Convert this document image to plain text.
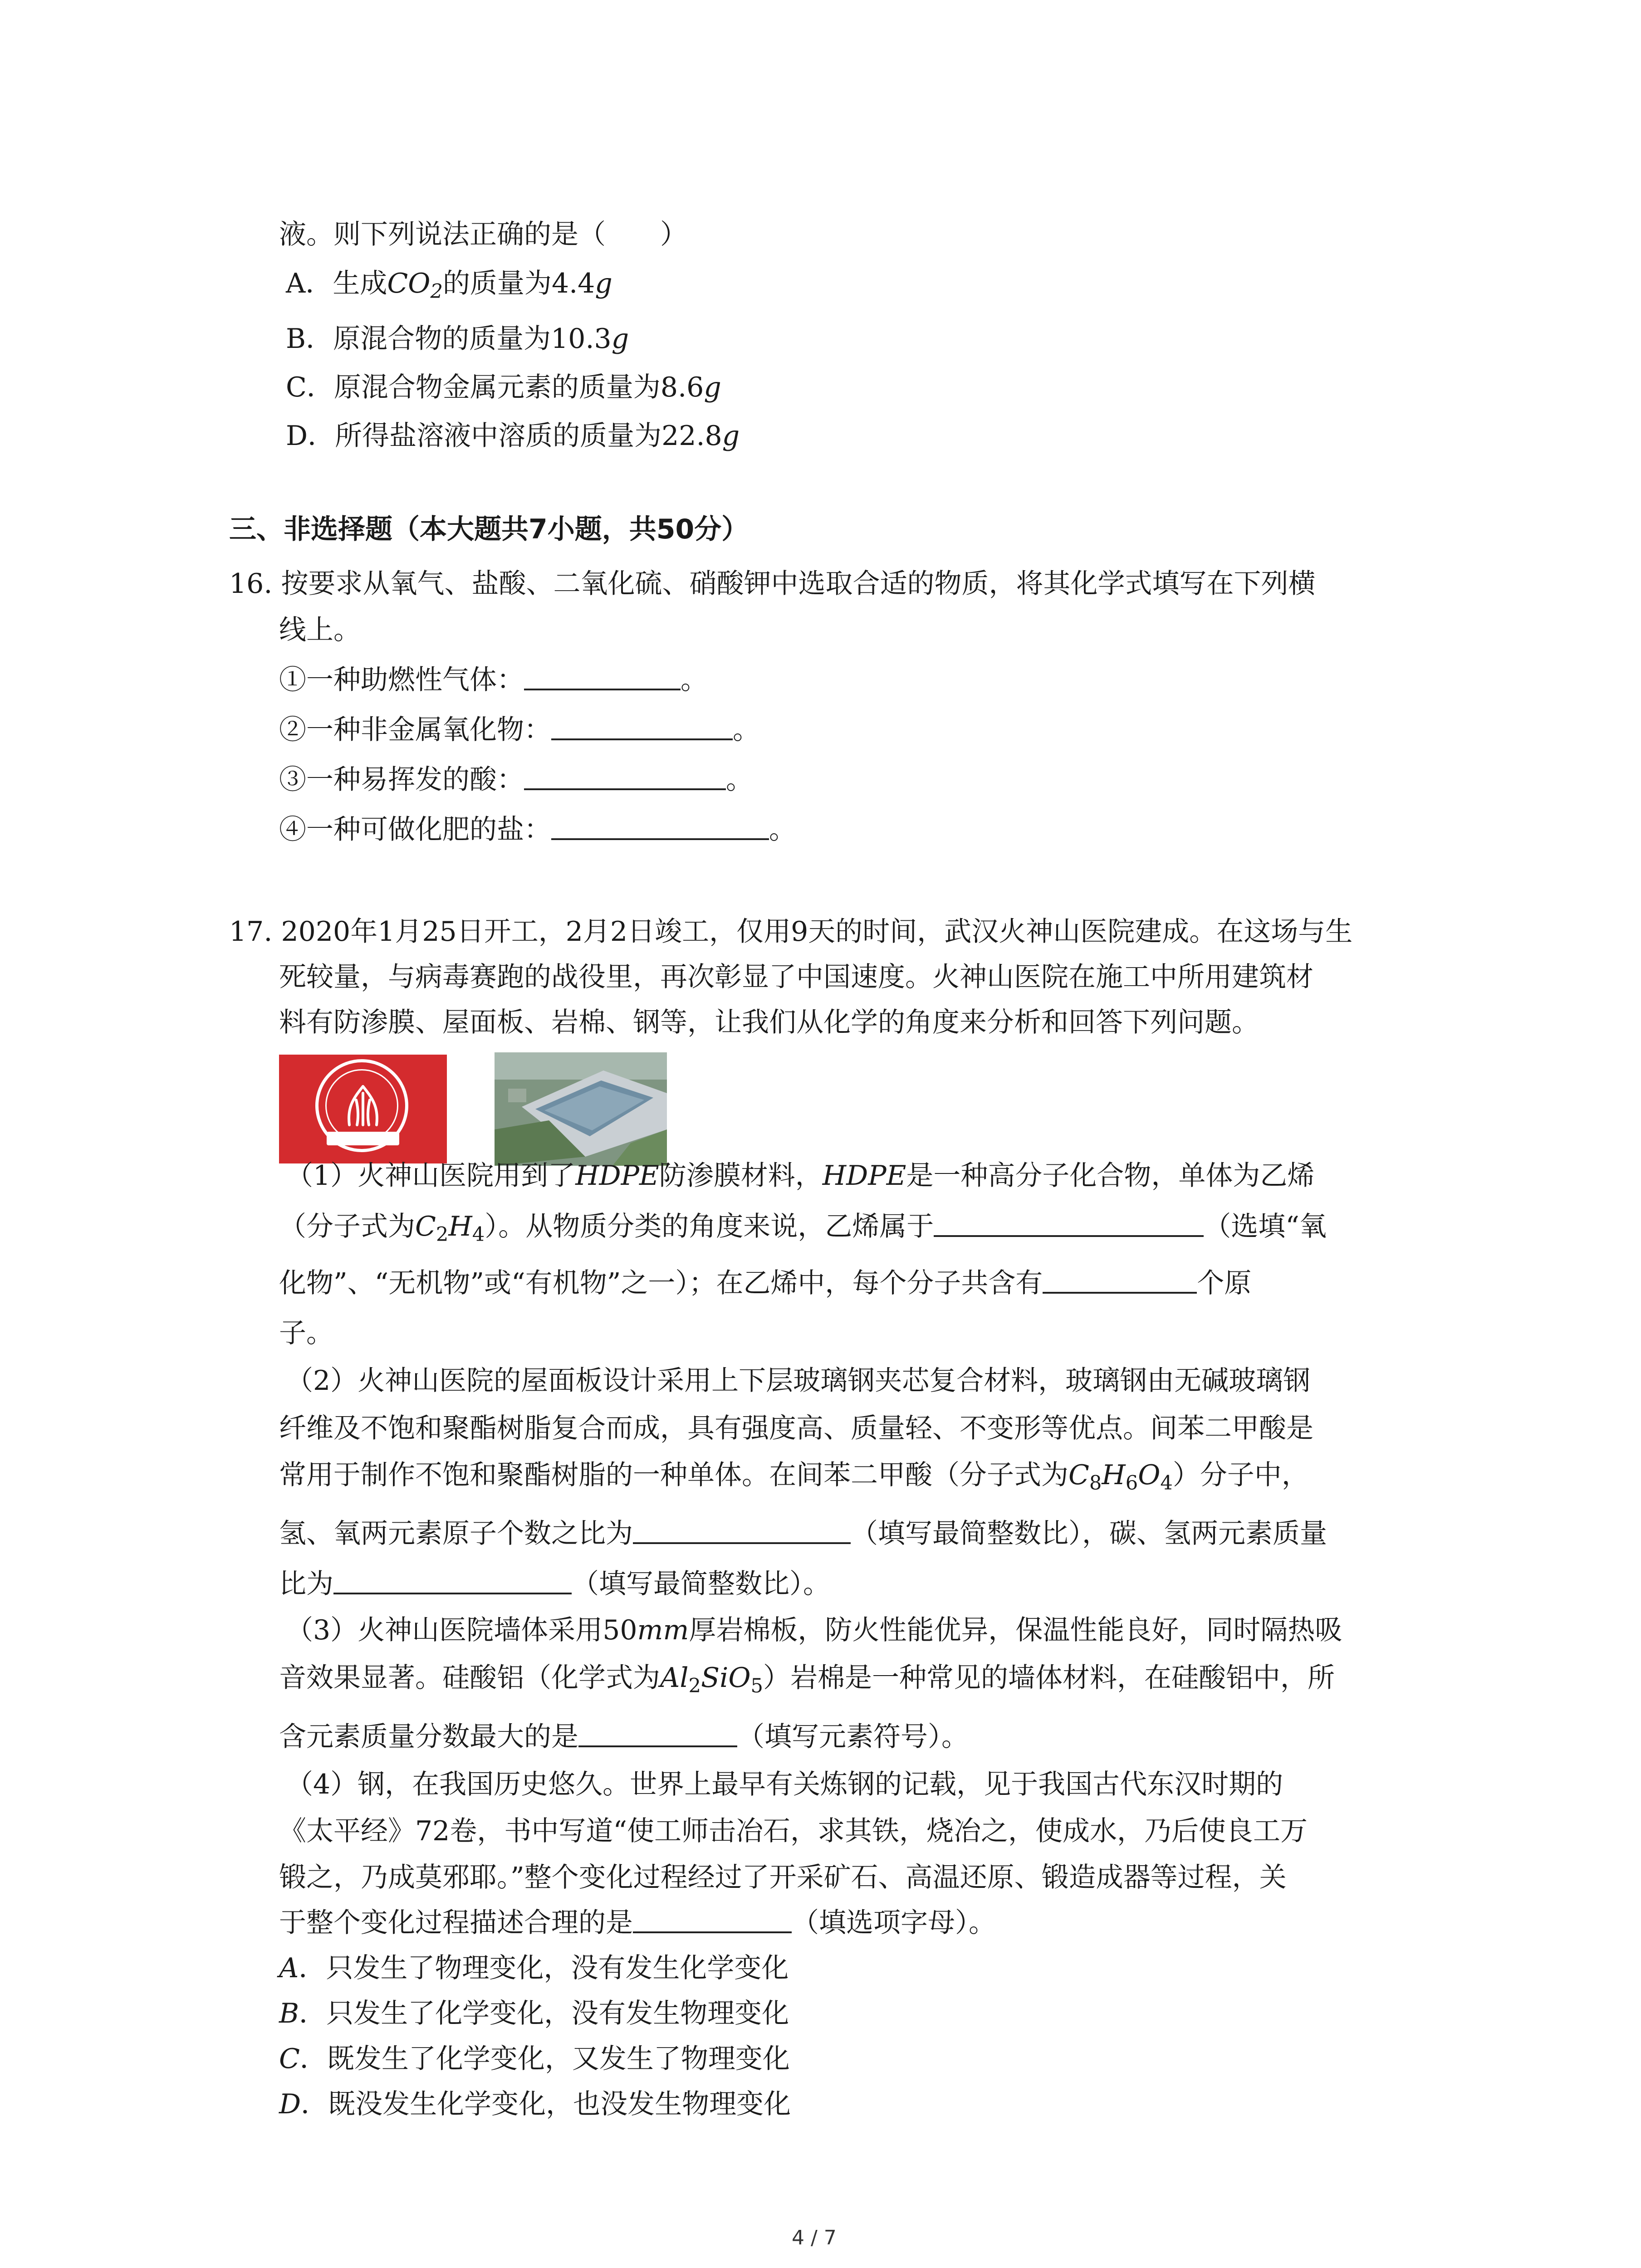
液。则下列说法正确的是（　　）
A．生成$CO_2$的质量为4.4g
B．原混合物的质量为10.3g
C．原混合物金属元素的质量为8.6g
D．所得盐溶液中溶质的质量为22.8g
三、非选择题（本大题共7小题，共50分）
16. 按要求从氧气、盐酸、二氧化硫、硝酸钾中选取合适的物质，将其化学式填写在下列横
线上。
①一种助燃性气体：	。
②一种非金属氧化物：	。
③一种易挥发的酸：	。
④一种可做化肥的盐：	。
17. 2020年1月25日开工，2月2日竣工，仅用9天的时间，武汉火神山医院建成。在这场与生
死较量，与病毒赛跑的战役里，再次彰显了中国速度。火神山医院在施工中所用建筑材
料有防渗膜、屋面板、岩棉、钢等，让我们从化学的角度来分析和回答下列问题。
（1）火神山医院用到了HDPE防渗膜材料，HDPE是一种高分子化合物，单体为乙烯
（分子式为$C_2H_4$）。从物质分类的角度来说，乙烯属于	（选填“氧
化物”、“无机物”或“有机物”之一）；在乙烯中，每个分子共含有	个原
子。
（2）火神山医院的屋面板设计采用上下层玻璃钢夹芯复合材料，玻璃钢由无碱玻璃钢
纤维及不饱和聚酯树脂复合而成，具有强度高、质量轻、不变形等优点。间苯二甲酸是
常用于制作不饱和聚酯树脂的一种单体。在间苯二甲酸（分子式为$C_8H_6O_4$）分子中，
氢、氧两元素原子个数之比为	（填写最简整数比），碳、氢两元素质量
比为	（填写最简整数比）。
（3）火神山医院墙体采用50mm厚岩棉板，防火性能优异，保温性能良好，同时隔热吸
音效果显著。硅酸铝（化学式为$Al_2SiO_5$）岩棉是一种常见的墙体材料，在硅酸铝中，所
含元素质量分数最大的是	（填写元素符号）。
（4）钢，在我国历史悠久。世界上最早有关炼钢的记载，见于我国古代东汉时期的
《太平经》72卷，书中写道“使工师击冶石，求其铁，烧冶之，使成水，乃后使良工万
锻之，乃成莫邪耶。”整个变化过程经过了开采矿石、高温还原、锻造成器等过程，关
于整个变化过程描述合理的是	（填选项字母）。
A．只发生了物理变化，没有发生化学变化
B．只发生了化学变化，没有发生物理变化
C．既发生了化学变化，又发生了物理变化
D．既没发生化学变化，也没发生物理变化
4 / 7
